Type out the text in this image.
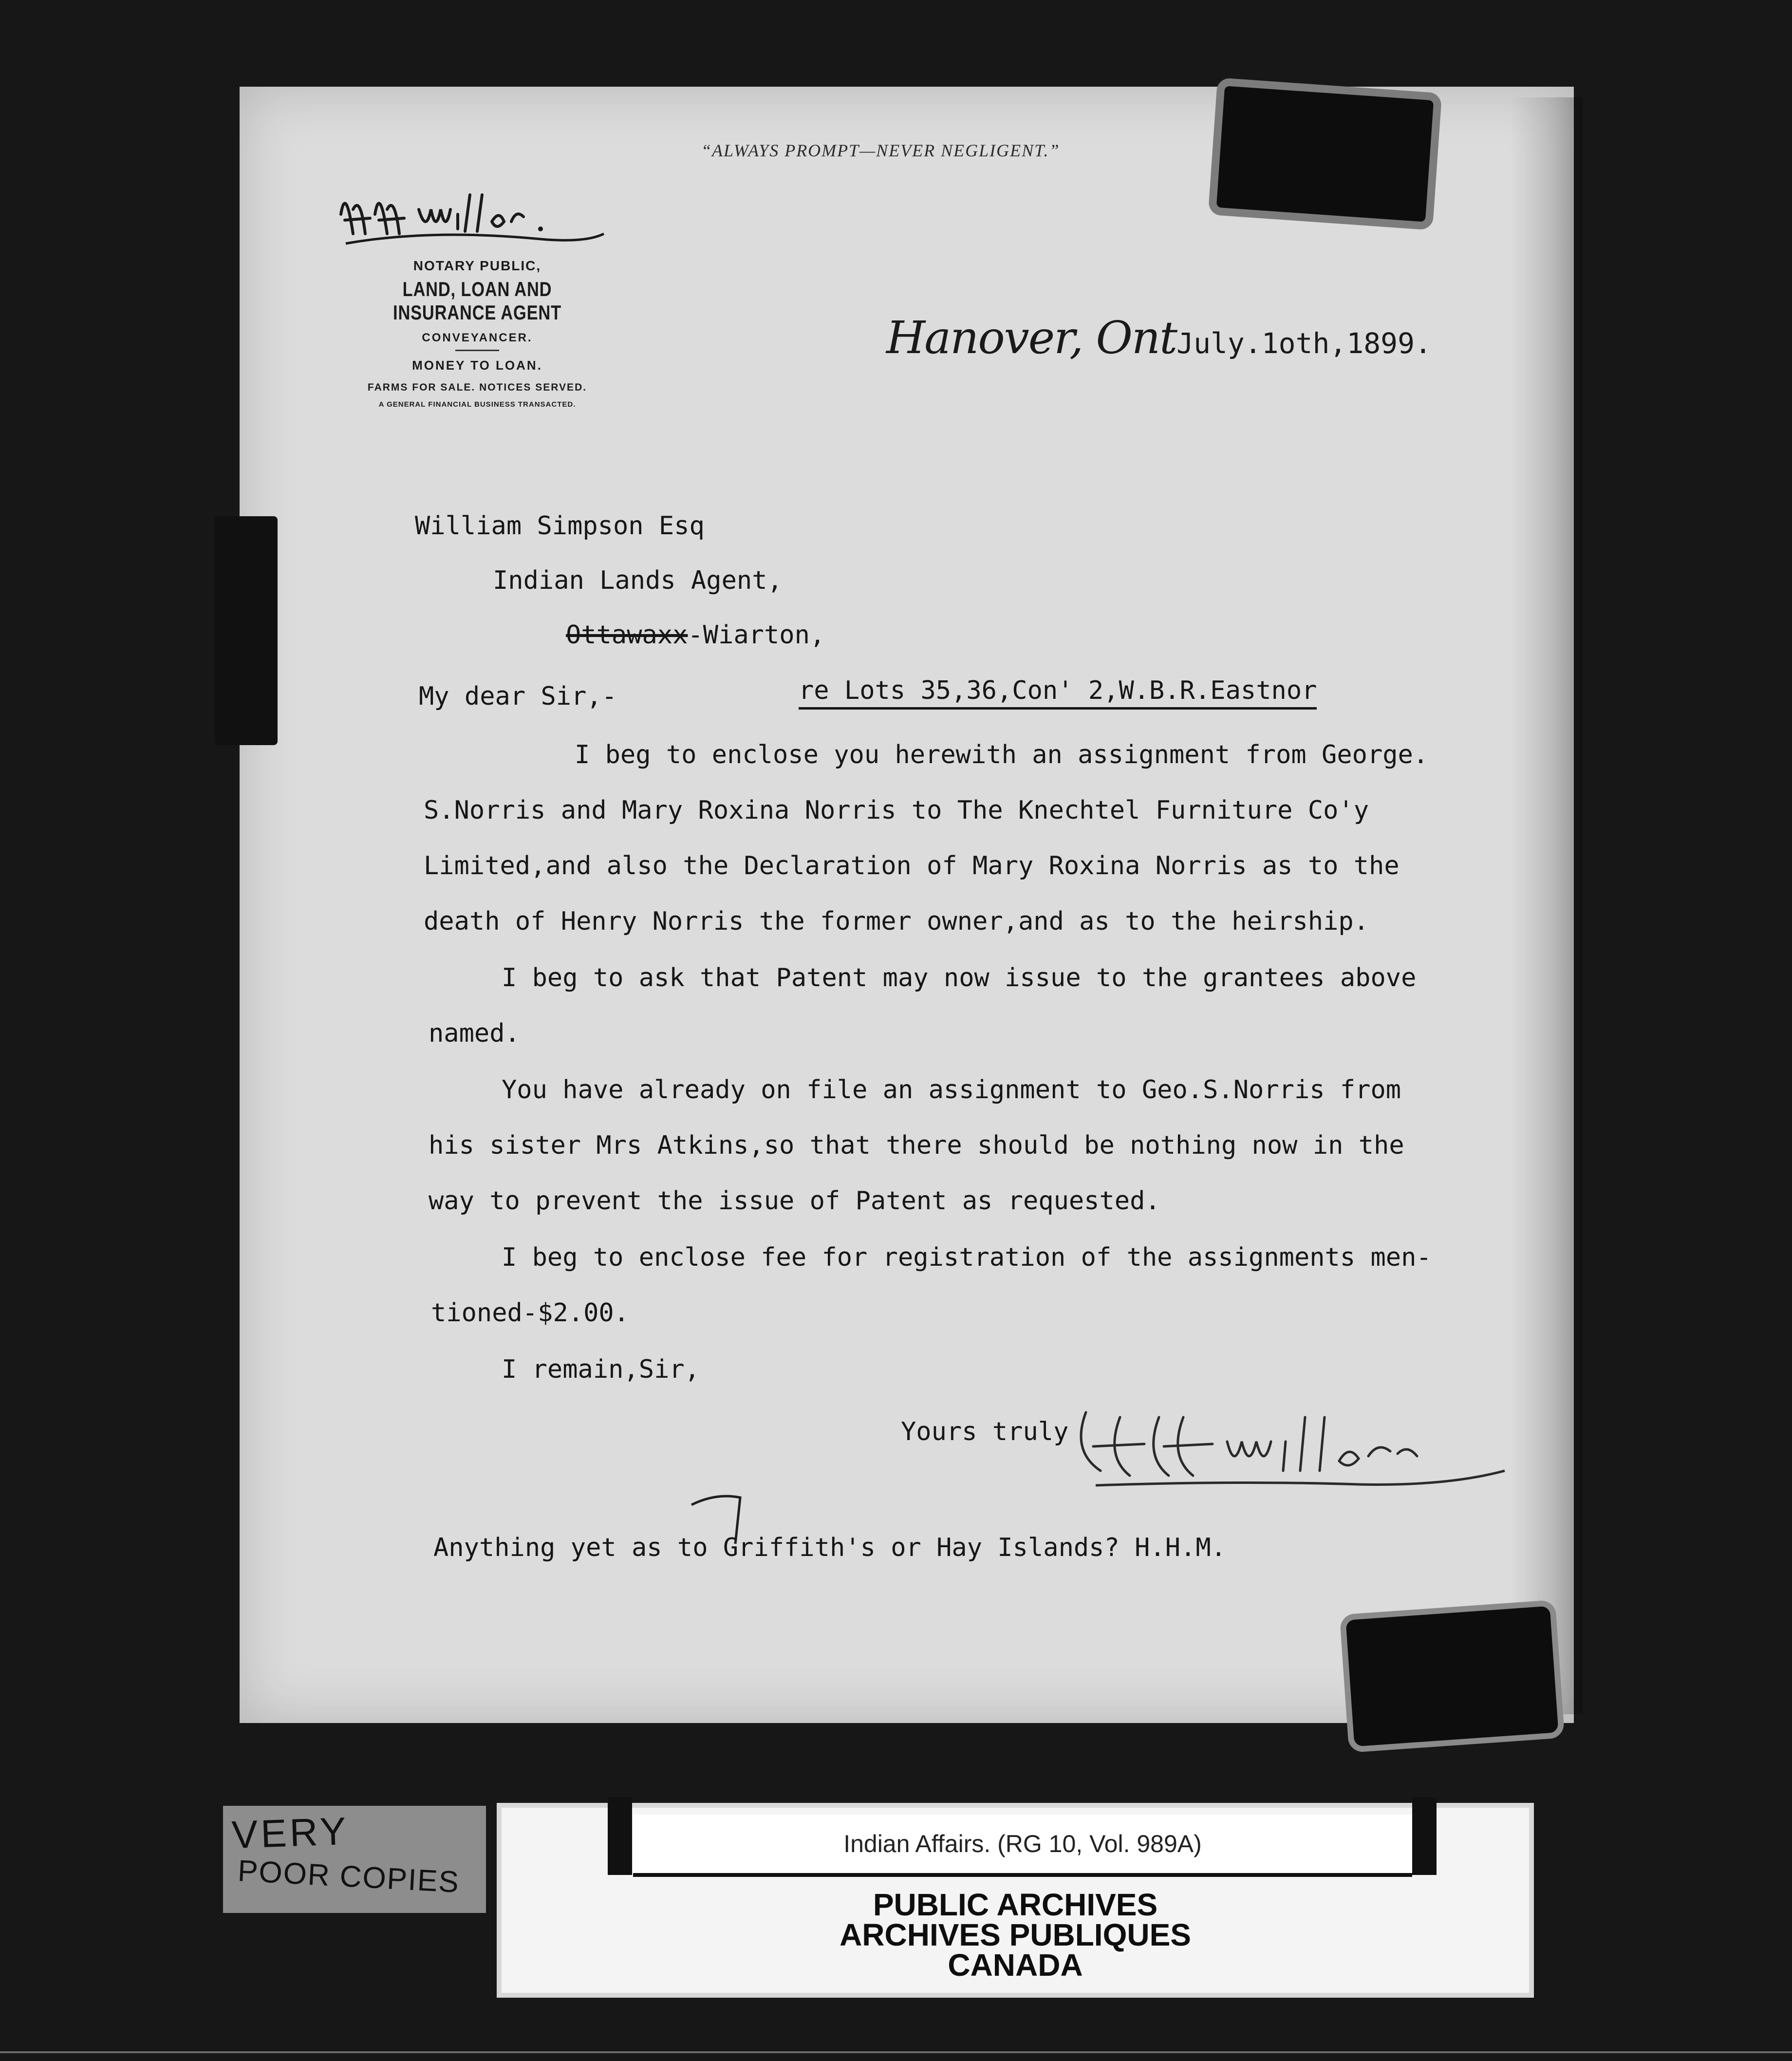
“ALWAYS PROMPT—NEVER NEGLIGENT.”
NOTARY PUBLIC,
LAND, LOAN AND INSURANCE AGENT
CONVEYANCER.
MONEY TO LOAN.
FARMS FOR SALE. NOTICES SERVED.
A GENERAL FINANCIAL BUSINESS TRANSACTED.
Hanover, OntJuly.1oth,1899.
William Simpson Esq
Indian Lands Agent,
Ottawaxx-Wiarton,
My dear Sir,-	re Lots 35,36,Con' 2,W.B.R.Eastnor
I beg to enclose you herewith an assignment from George.
S.Norris and Mary Roxina Norris to The Knechtel Furniture Co'y
Limited,and also the Declaration of Mary Roxina Norris as to the
death of Henry Norris the former owner,and as to the heirship.
I beg to ask that Patent may now issue to the grantees above
named.
You have already on file an assignment to Geo.S.Norris from
his sister Mrs Atkins,so that there should be nothing now in the
way to prevent the issue of Patent as requested.
I beg to enclose fee for registration of the assignments men-
tioned-$2.00.
I remain,Sir,
Yours truly
Anything yet as to Griffith's or Hay Islands? H.H.M.
VERY
POOR COPIES
Indian Affairs. (RG 10, Vol. 989A)
PUBLIC ARCHIVES
ARCHIVES PUBLIQUES
CANADA
